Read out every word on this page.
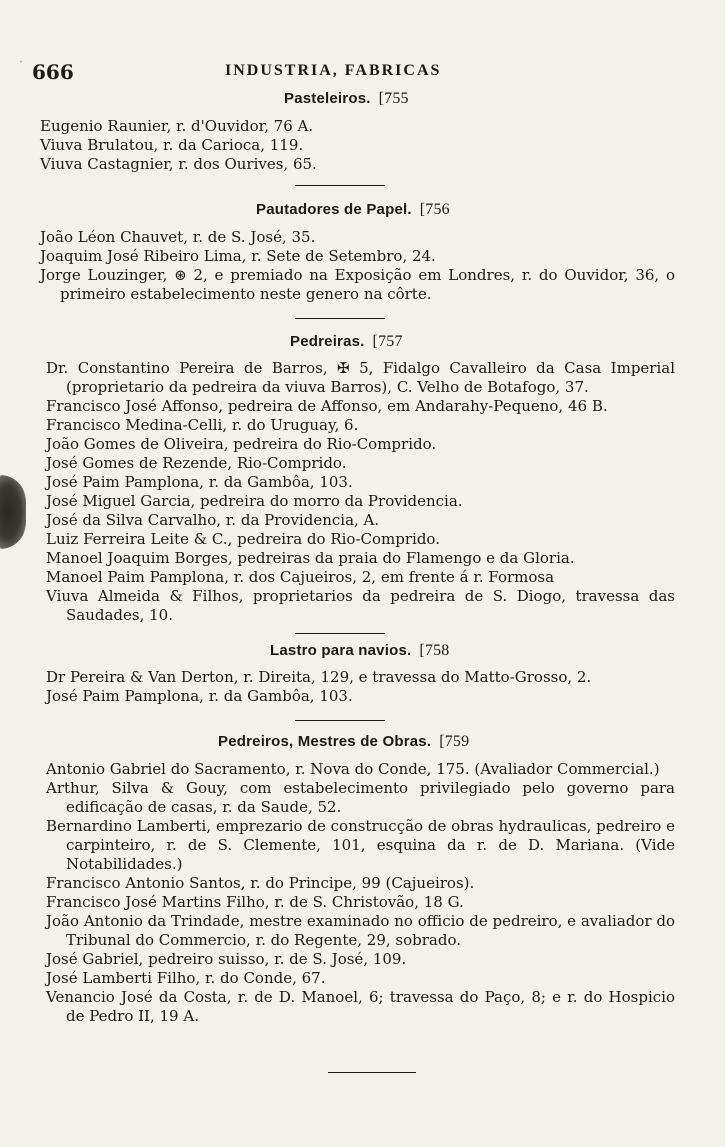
· 666	INDUSTRIA, FABRICAS
Pasteleiros. [755
Eugenio Raunier, r. d'Ouvidor, 76 A.
Viuva Brulatou, r. da Carioca, 119.
Viuva Castagnier, r. dos Ourives, 65.
Pautadores de Papel. [756
João Léon Chauvet, r. de S. José, 35.
Joaquim José Ribeiro Lima, r. Sete de Setembro, 24.
Jorge Louzinger, ⊛ 2, e premiado na Exposição em Londres, r. do Ouvidor, 36, o primeiro estabelecimento neste genero na côrte.
Pedreiras. [757
Dr. Constantino Pereira de Barros, ✠ 5, Fidalgo Cavalleiro da Casa Imperial (proprietario da pedreira da viuva Barros), C. Velho de Botafogo, 37.
Francisco José Affonso, pedreira de Affonso, em Andarahy-Pequeno, 46 B.
Francisco Medina-Celli, r. do Uruguay, 6.
João Gomes de Oliveira, pedreira do Rio-Comprido.
José Gomes de Rezende, Rio-Comprido.
José Paim Pamplona, r. da Gambôa, 103.
José Miguel Garcia, pedreira do morro da Providencia.
José da Silva Carvalho, r. da Providencia, A.
Luiz Ferreira Leite & C., pedreira do Rio-Comprido.
Manoel Joaquim Borges, pedreiras da praia do Flamengo e da Gloria.
Manoel Paim Pamplona, r. dos Cajueiros, 2, em frente á r. Formosa
Viuva Almeida & Filhos, proprietarios da pedreira de S. Diogo, travessa das Saudades, 10.
Lastro para navios. [758
Dr Pereira & Van Derton, r. Direita, 129, e travessa do Matto-Grosso, 2.
José Paim Pamplona, r. da Gambôa, 103.
Pedreiros, Mestres de Obras. [759
Antonio Gabriel do Sacramento, r. Nova do Conde, 175. (Avaliador Commercial.)
Arthur, Silva & Gouy, com estabelecimento privilegiado pelo governo para edificação de casas, r. da Saude, 52.
Bernardino Lamberti, emprezario de construcção de obras hydraulicas, pedreiro e carpinteiro, r. de S. Clemente, 101, esquina da r. de D. Mariana. (Vide Notabilidades.)
Francisco Antonio Santos, r. do Principe, 99 (Cajueiros).
Francisco José Martins Filho, r. de S. Christovão, 18 G.
João Antonio da Trindade, mestre examinado no officio de pedreiro, e avaliador do Tribunal do Commercio, r. do Regente, 29, sobrado.
José Gabriel, pedreiro suisso, r. de S. José, 109.
José Lamberti Filho, r. do Conde, 67.
Venancio José da Costa, r. de D. Manoel, 6; travessa do Paço, 8; e r. do Hospicio de Pedro II, 19 A.
